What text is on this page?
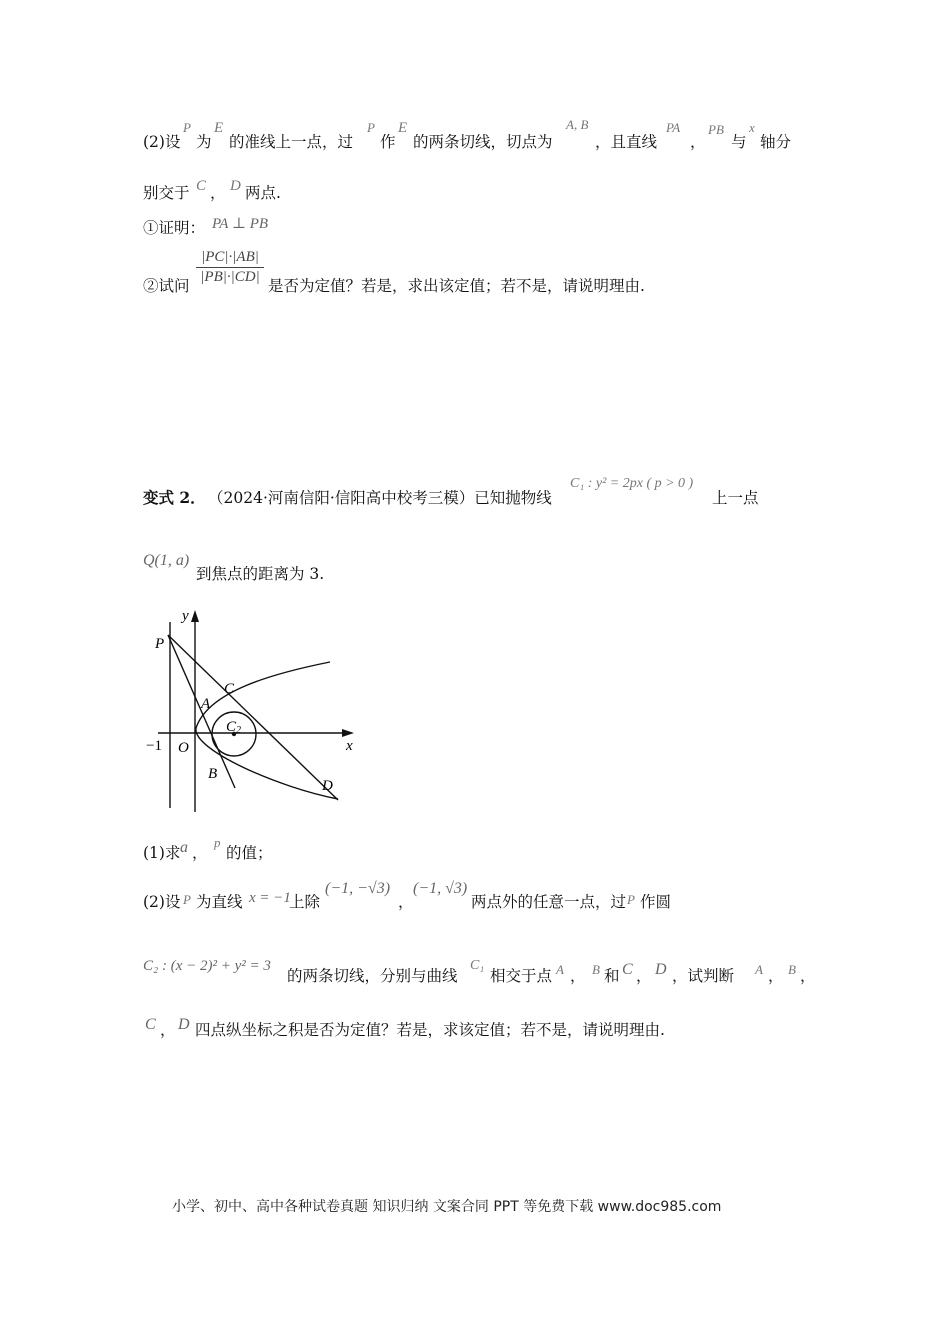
(2)设
P
为
E
的准线上一点，过
P
作
E
的两条切线，切点为
A, B
，且直线
PA
，
PB
与
x
轴分
别交于 C ， D 两点.
①证明： PA ⊥ PB
②试问
|PC|·|AB|
|PB|·|CD| 是否为定值？若是，求出该定值；若不是，请说明理由.
变式 2． （2024·河南信阳·信阳高中校考三模）已知抛物线
C₁ : y² = 2px ( p > 0 )
上一点
Q(1, a)
到焦点的距离为 3.
y
x
P
A
C
C2
−1 O
B
D
(1)求 a ，
p
的值；
(2)设 P 为直线 x = −1
上除
(−1, −√3)
，
(−1, √3)
两点外的任意一点，过 P 作圆
C₂ : (x − 2)² + y² = 3
的两条切线，分别与曲线
C₁
相交于点 A ， B 和 C ， D ，试判断 A ， B ，
C ， D 四点纵坐标之积是否为定值？若是，求该定值；若不是，请说明理由.
小学、初中、高中各种试卷真题 知识归纳 文案合同 PPT 等免费下载 www.doc985.com
